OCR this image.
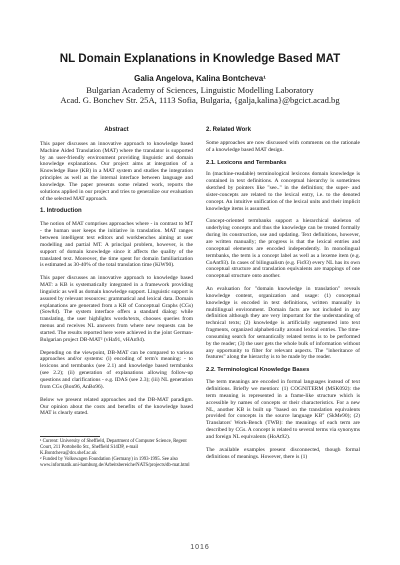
NL Domain Explanations in Knowledge Based MAT
Galia Angelova, Kalina Bontcheva¹
Bulgarian Academy of Sciences, Linguistic Modelling Laboratory
Acad. G. Bonchev Str. 25A, 1113 Sofia, Bulgaria, {galja,kalina}@bgcict.acad.bg
Abstract

This paper discusses an innovative approach to knowledge based Machine Aided Translation (MAT) where the translator is supported by an user-friendly environment providing linguistic and domain knowledge explanations. Our project aims at integration of a Knowledge Base (KB) in a MAT system and studies the integration principles as well as the internal interface between language and knowledge. The paper presents some related work, reports the solutions applied in our project and tries to generalize our evaluation of the selected MAT approach.

1. Introduction

The notion of MAT comprises approaches where - in contrast to MT - the human user keeps the initiative in translation. MAT ranges between intelligent text editors and workbenches aiming at user modelling and partial MT. A principal problem, however, is the support of domain knowledge since it affects the quality of the translated text. Moreover, the time spent for domain familiarization is estimated as 30-40% of the total translation time (KiW90).

This paper discusses an innovative approach to knowledge based MAT: a KB is systematically integrated in a framework providing linguistic as well as domain knowledge support. Linguistic support is assured by relevant resources: grammatical and lexical data. Domain explanations are generated from a KB of Conceptual Graphs (CGs) (Sow84). The system interface offers a standard dialog: while translating, the user highlights words/texts, chooses queries from menus and receives NL answers from where new requests can be started. The results reported here were achieved in the joint German-Bulgarian project DB-MAT² (vHa91, vHAn94).

Depending on the viewpoint, DB-MAT can be compared to various approaches and/or systems: (i) encoding of term's meaning: - to lexicons and termbanks (see 2.1) and knowledge based termbanks (see 2.2); (ii) generation of explanations allowing follow-up questions and clarifications - e.g. IDAS (see 2.3); (iii) NL generation from CGs (Bon96, AnBo96).

Below we present related approaches and the DB-MAT paradigm. Our opinion about the costs and benefits of the knowledge based MAT is clearly stated.

¹ Current: University of Sheffield, Department of Computer Science, Regent Court, 211 Portobello Str., Sheffield S14DP, e-mail K.Bontcheva@dcs.shef.ac.uk
² Funded by Volkswagen Foundation (Germany) in 1993-1995. See also www.informatik.uni-hamburg.de/Arbeitsbereiche/NATS/projects/db-mat.html
2. Related Work

Some approaches are now discussed with comments on the rationale of a knowledge based MAT design.

2.1. Lexicons and Termbanks

In (machine-readable) terminological lexicons domain knowledge is contained in text definitions. A conceptual hierarchy is sometimes sketched by pointers like "see.." in the definition; the super- and sister-concepts are related to the lexical entry, i.e. to the denoted concept. An intuitive unification of the lexical units and their implicit knowledge items is assumed.

Concept-oriented termbanks support a hierarchical skeleton of underlying concepts and thus the knowledge can be treated formally during its construction, use and updating. Text definitions, however, are written manually; the progress is that the lexical entries and conceptual elements are encoded independently. In monolingual termbanks, the term is a concept label as well as a lexeme item (e.g. CoAnt93). In cases of bilingualism (e.g. Fis93) every NL has its own conceptual structure and translation equivalents are mappings of one conceptual structure onto another.

An evaluation for "domain knowledge in translation" reveals knowledge content, organization and usage: (1) conceptual knowledge is encoded in text definitions, written manually in multilingual environment. Domain facts are not included in any definition although they are very important for the understanding of technical texts; (2) knowledge is artificially segmented into text fragments, organized alphabetically around lexical entries. The time-consuming search for semantically related terms is to be performed by the reader; (3) the user gets the whole bulk of information without any opportunity to filter for relevant aspects. The "inheritance of features" along the hierarchy is to be made by the reader.

2.2. Terminological Knowledge Bases

The term meanings are encoded in formal languages instead of text definitions. Briefly we mention: (1) COGNITERM (MSK092): the term meaning is represented in a frame-like structure which is accessible by names of concepts or their characteristics. For a new NL, another KB is built up "based on the translation equivalents provided for concepts in the source language KB" (SkMe90); (2) Translators' Work-Bench (TWB): the meanings of each term are described by CGs. A concept is related to several terms via synonyms and foreign NL equivalents (HoAt92).

The available examples present disconnected, though formal definitions of meanings. However, there is (1)

1016
